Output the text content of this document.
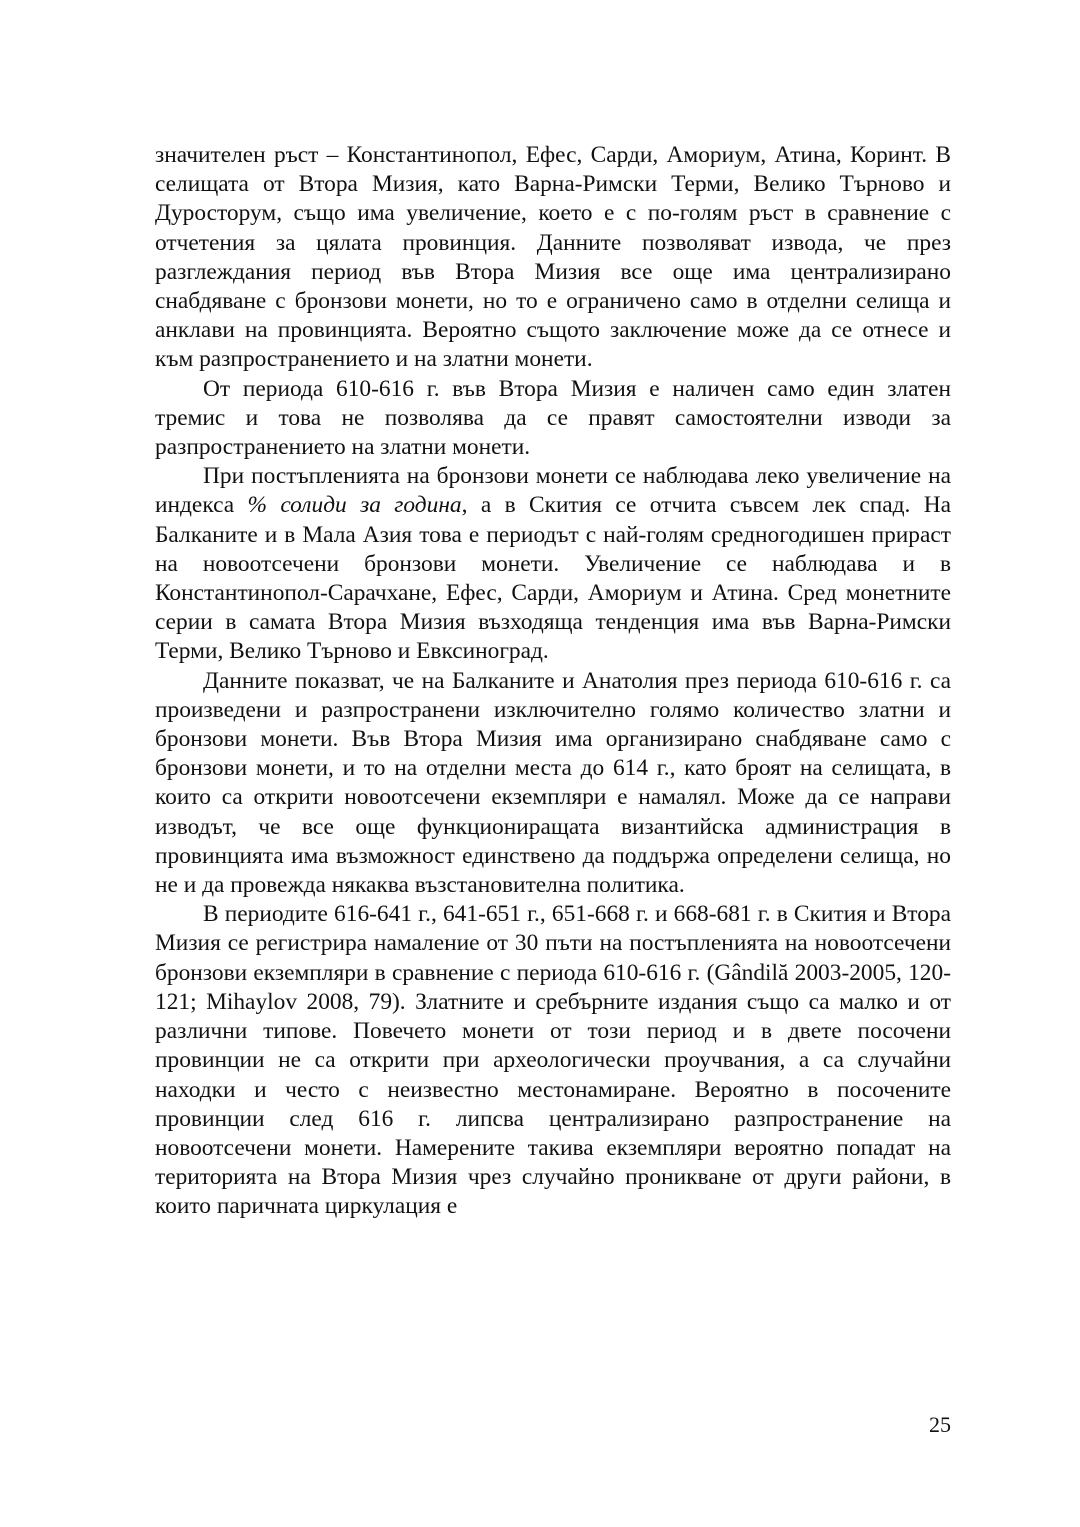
значителен ръст – Константинопол, Ефес, Сарди, Амориум, Атина, Коринт. В селищата от Втора Мизия, като Варна-Римски Терми, Велико Търново и Дуросторум, също има увеличение, което е с по-голям ръст в сравнение с отчетения за цялата провинция. Данните позволяват извода, че през разглеждания период във Втора Мизия все още има централизирано снабдяване с бронзови монети, но то е ограничено само в отделни селища и анклави на провинцията. Вероятно същото заключение може да се отнесе и към разпространението и на златни монети.

От периода 610-616 г. във Втора Мизия е наличен само един златен тремис и това не позволява да се правят самостоятелни изводи за разпространението на златни монети.

При постъпленията на бронзови монети се наблюдава леко увеличение на индекса % солиди за година, а в Скития се отчита съвсем лек спад. На Балканите и в Мала Азия това е периодът с най-голям средногодишен прираст на новоотсечени бронзови монети. Увеличение се наблюдава и в Константинопол-Сарачхане, Ефес, Сарди, Амориум и Атина. Сред монетните серии в самата Втора Мизия възходяща тенденция има във Варна-Римски Терми, Велико Търново и Евксиноград.

Данните показват, че на Балканите и Анатолия през периода 610-616 г. са произведени и разпространени изключително голямо количество златни и бронзови монети. Във Втора Мизия има организирано снабдяване само с бронзови монети, и то на отделни места до 614 г., като броят на селищата, в които са открити новоотсечени екземпляри е намалял. Може да се направи изводът, че все още функциониращата византийска администрация в провинцията има възможност единствено да поддържа определени селища, но не и да провежда някаква възстановителна политика.

В периодите 616-641 г., 641-651 г., 651-668 г. и 668-681 г. в Скития и Втора Мизия се регистрира намаление от 30 пъти на постъпленията на новоотсечени бронзови екземпляри в сравнение с периода 610-616 г. (Gândilă 2003-2005, 120-121; Mihaylov 2008, 79). Златните и сребърните издания също са малко и от различни типове. Повечето монети от този период и в двете посочени провинции не са открити при археологически проучвания, а са случайни находки и често с неизвестно местонамиране. Вероятно в посочените провинции след 616 г. липсва централизирано разпространение на новоотсечени монети. Намерените такива екземпляри вероятно попадат на територията на Втора Мизия чрез случайно проникване от други райони, в които паричната циркулация е

25
